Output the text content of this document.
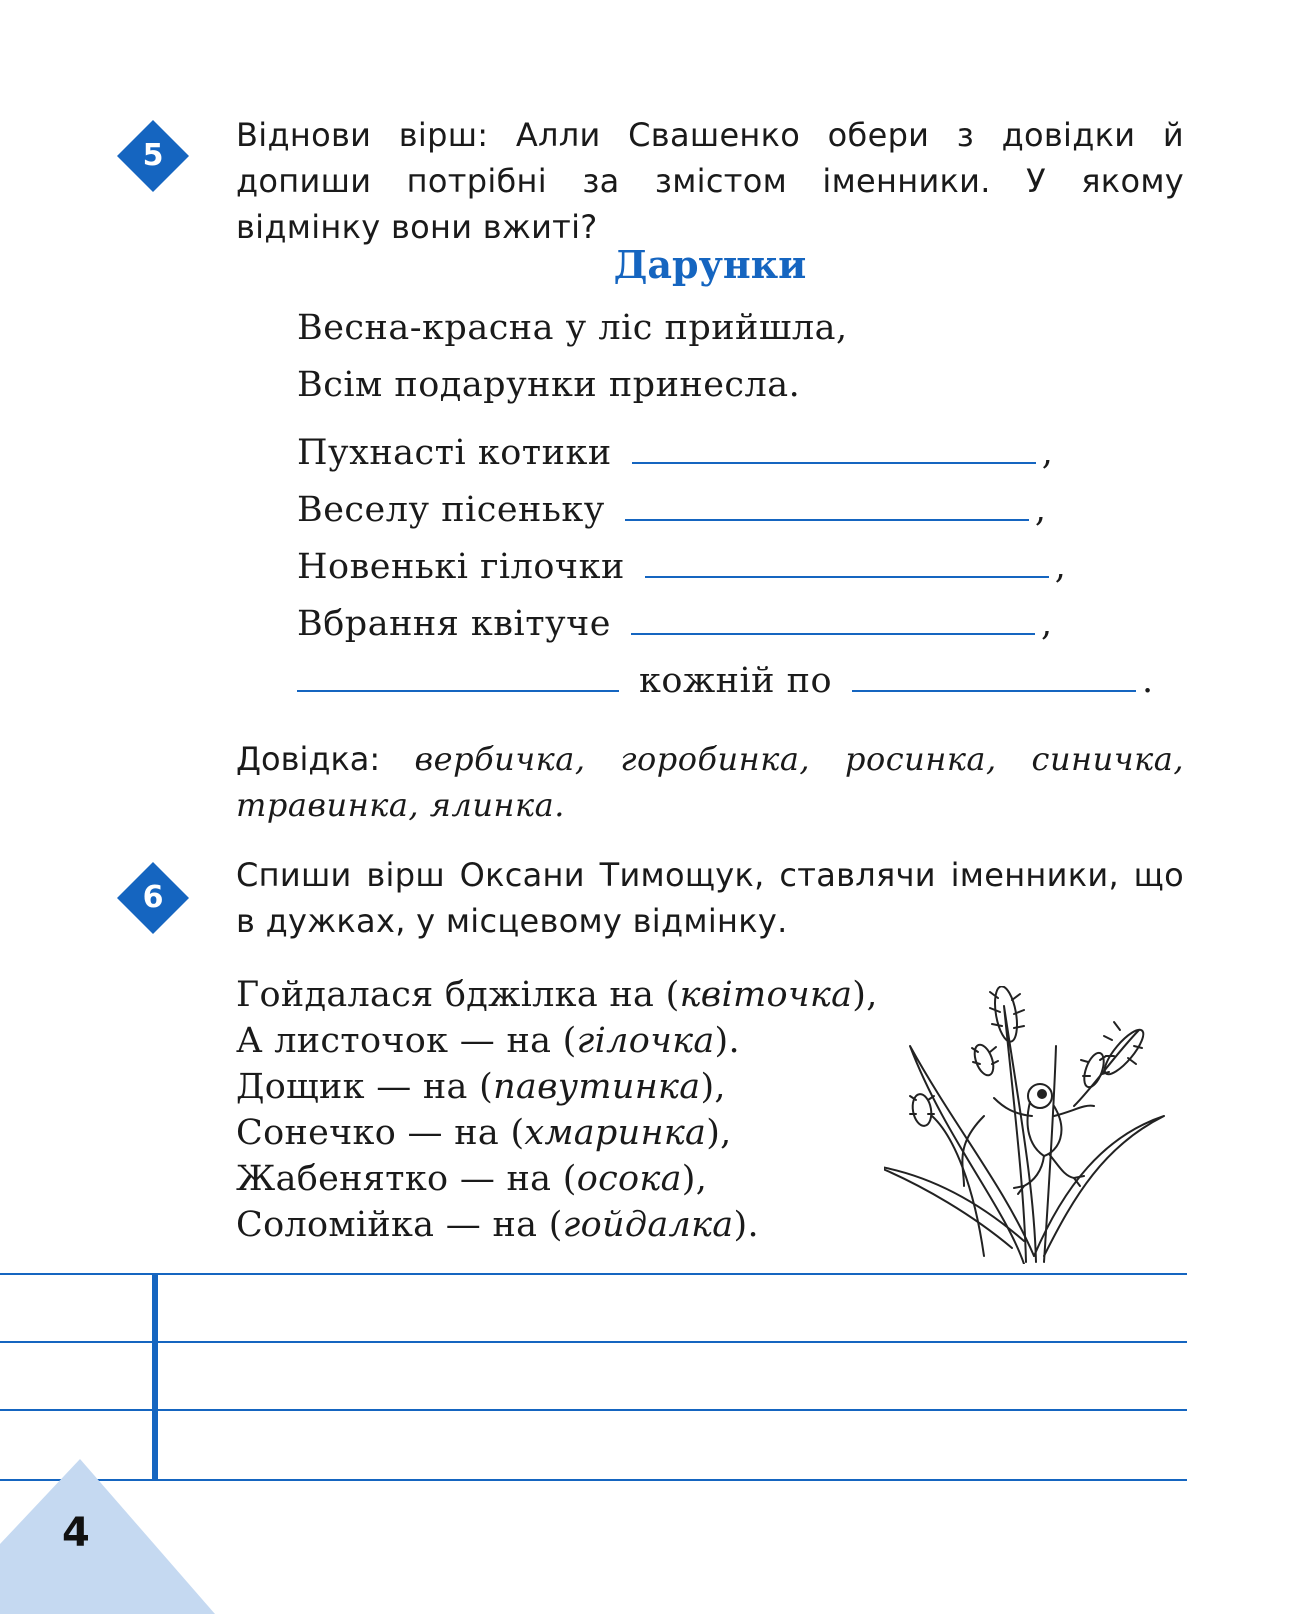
5

Віднови вірш: Алли Свашенко обери з довідки й допиши потрібні за змістом іменники. У якому відмінку вони вжиті?

Дарунки
Весна-красна у ліс прийшла,
Всім подарунки принесла.
Пухнасті котики	,
Веселу пісеньку	,
Новенькі гілочки	,
Вбрання квітуче	,
кожній по	.

Довідка: вербичка, горобинка, росинка, синичка, травинка, ялинка.

6

Спиши вірш Оксани Тимощук, ставлячи іменники, що в дужках, у місцевому відмінку.

Гойдалася бджілка на (квіточка),
А листочок — на (гілочка).
Дощик — на (павутинка),
Сонечко — на (хмаринка),
Жабенятко — на (осока),
Соломійка — на (гойдалка).
4
